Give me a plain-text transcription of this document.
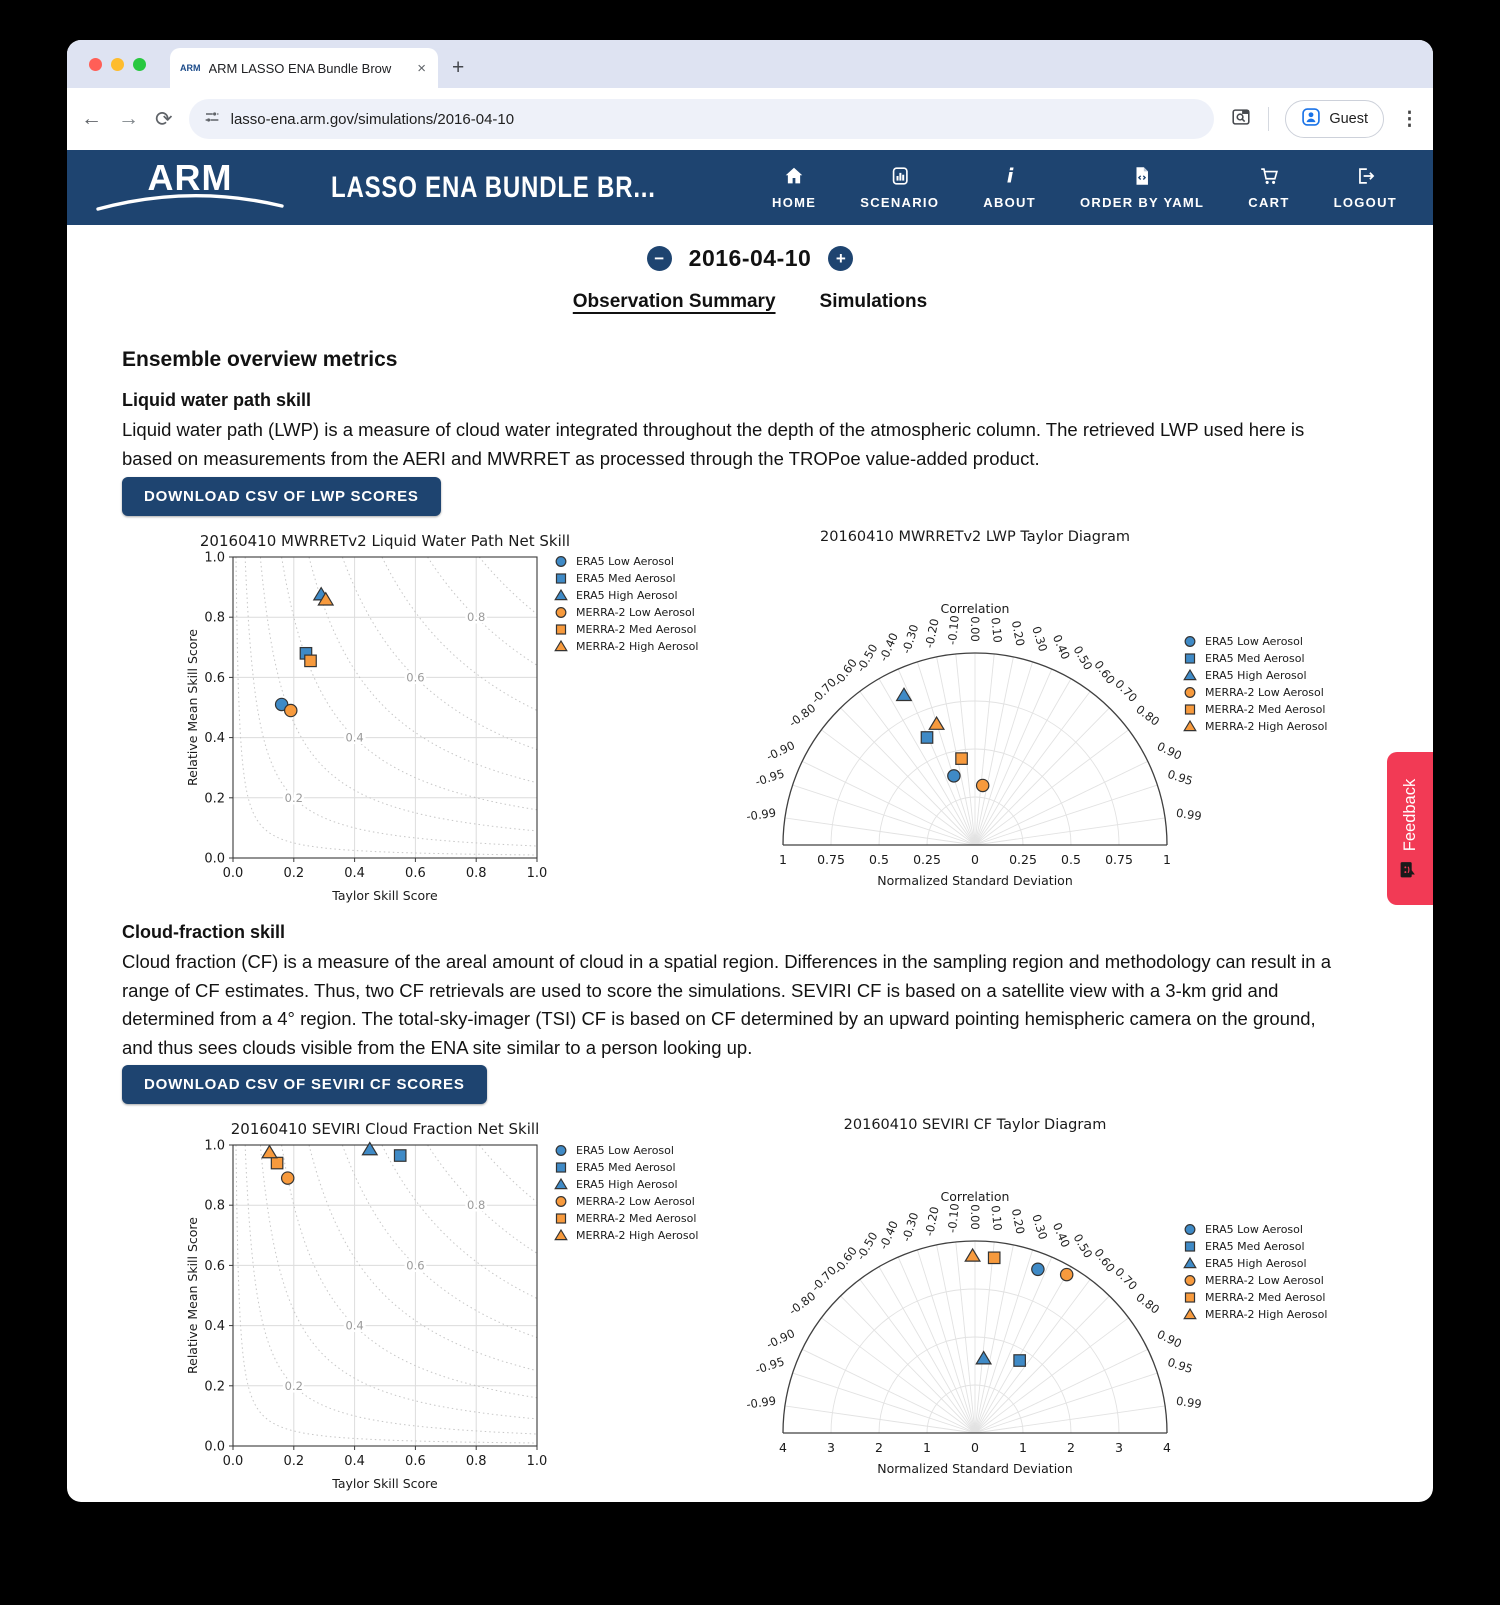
ARM ARM LASSO ENA Bundle Brow	× +
← → ⟳	lasso-ena.arm.gov/simulations/2016-04-10	Guest ⋮
ARM	LASSO ENA BUNDLE BR...	HOME	SCENARIO
i
ABOUT	ORDER BY YAML	CART	LOGOUT
−	2016-04-10	+
Observation Summary Simulations
Ensemble overview metrics
Liquid water path skill
Liquid water path (LWP) is a measure of cloud water integrated throughout the depth of the atmospheric column. The retrieved LWP used here is based on measurements from the AERI and MWRRET as processed through the TROPoe value-added product.
DOWNLOAD CSV OF LWP SCORES
Cloud-fraction skill
Cloud fraction (CF) is a measure of the areal amount of cloud in a spatial region. Differences in the sampling region and methodology can result in a range of CF estimates. Thus, two CF retrievals are used to score the simulations. SEVIRI CF is based on a satellite view with a 3-km grid and determined from a 4° region. The total-sky-imager (TSI) CF is based on CF determined by an upward pointing hemispheric camera on the ground, and thus sees clouds visible from the ENA site similar to a person looking up.
DOWNLOAD CSV OF SEVIRI CF SCORES
0.2
0.4
0.6
0.8
0.0
0.0
0.2
0.2
0.4
0.4
0.6
0.6
0.8
0.8
1.0
1.0
20160410 MWRRETv2 Liquid Water Path Net Skill
Taylor Skill Score
Relative Mean Skill Score
ERA5 Low Aerosol
ERA5 Med Aerosol
ERA5 High Aerosol
MERRA-2 Low Aerosol
MERRA-2 Med Aerosol
MERRA-2 High Aerosol
-0.99
-0.95
-0.90
-0.80
-0.70
-0.60
-0.50
-0.40
-0.30 -0.20 -0.10 0.00 0.10 0.20 0.30 0.40
0.50
0.60
0.70
0.80
0.90
0.95
0.99
1 0.75 0.5 0.25 0 0.25 0.5 0.75 1
20160410 MWRRETv2 LWP Taylor Diagram
Correlation
Normalized Standard Deviation
ERA5 Low Aerosol
ERA5 Med Aerosol
ERA5 High Aerosol
MERRA-2 Low Aerosol
MERRA-2 Med Aerosol
MERRA-2 High Aerosol
0.2
0.4
0.6
0.8
0.0
0.0
0.2
0.2
0.4
0.4
0.6
0.6
0.8
0.8
1.0
1.0
20160410 SEVIRI Cloud Fraction Net Skill
Taylor Skill Score
Relative Mean Skill Score
ERA5 Low Aerosol
ERA5 Med Aerosol
ERA5 High Aerosol
MERRA-2 Low Aerosol
MERRA-2 Med Aerosol
MERRA-2 High Aerosol
-0.99
-0.95
-0.90
-0.80
-0.70
-0.60
-0.50
-0.40
-0.30 -0.20 -0.10 0.00 0.10 0.20 0.30 0.40
0.50
0.60
0.70
0.80
0.90
0.95
0.99
4	3	2	1	0	1	2	3	4
20160410 SEVIRI CF Taylor Diagram
Correlation
Normalized Standard Deviation
ERA5 Low Aerosol
ERA5 Med Aerosol
ERA5 High Aerosol
MERRA-2 Low Aerosol
MERRA-2 Med Aerosol
MERRA-2 High Aerosol
Feedback
